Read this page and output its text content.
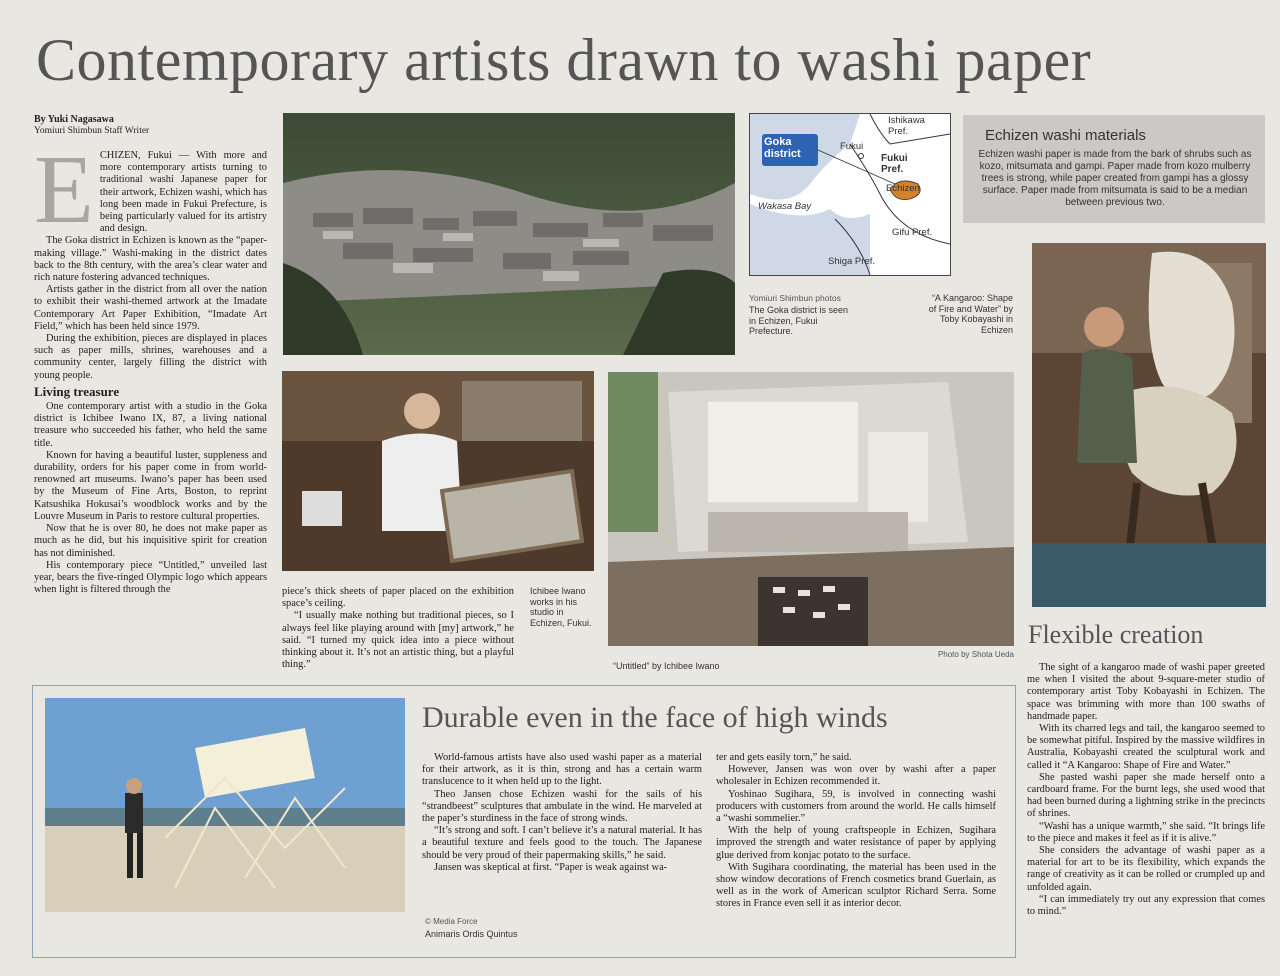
Contemporary artists drawn to washi paper
By Yuki Nagasawa
Yomiuri Shimbun Staff Writer

ECHIZEN, Fukui — With more and more contemporary artists turning to traditional washi Japanese paper for their artwork, Echizen washi, which has long been made in Fukui Prefecture, is being particularly valued for its artistry and design.

The Goka district in Echizen is known as the “paper-making village.” Washi-making in the district dates back to the 8th century, with the area’s clear water and rich nature fostering advanced techniques.

Artists gather in the district from all over the nation to exhibit their washi-themed artwork at the Imadate Contemporary Art Paper Exhibition, “Imadate Art Field,” which has been held since 1979.

During the exhibition, pieces are displayed in places such as paper mills, shrines, warehouses and a community center, largely filling the district with young people.

Living treasure

One contemporary artist with a studio in the Goka district is Ichibee Iwano IX, 87, a living national treasure who succeeded his father, who held the same title.

Known for having a beautiful luster, suppleness and durability, orders for his paper come in from world-renowned art museums. Iwano’s paper has been used by the Museum of Fine Arts, Boston, to reprint Katsushika Hokusai’s woodblock works and by the Louvre Museum in Paris to restore cultural properties.

Now that he is over 80, he does not make paper as much as he did, but his inquisitive spirit for creation has not diminished.

His contemporary piece “Untitled,” unveiled last year, bears the five-ringed Olympic logo which appears when light is filtered through the

Ishikawa Pref.
Goka district
Fukui
Fukui Pref.
Echizen
Wakasa Bay
Gifu Pref.
Shiga Pref.
Echizen washi materials

Echizen washi paper is made from the bark of shrubs such as kozo, mitsumata and gampi. Paper made from kozo mulberry trees is strong, while paper created from gampi has a glossy surface. Paper made from mitsumata is said to be a median between previous two.

Yomiuri Shimbun photos
The Goka district is seen in Echizen, Fukui Prefecture.
“A Kangaroo: Shape of Fire and Water” by Toby Kobayashi in Echizen

piece’s thick sheets of paper placed on the exhibition space’s ceiling.

“I usually make nothing but traditional pieces, so I always feel like playing around with [my] artwork,” he said. “I turned my quick idea into a piece without thinking about it. It’s not an artistic thing, but a playful thing.”

Ichibee Iwano works in his studio in Echizen, Fukui.
“Untitled” by Ichibee Iwano
Photo by Shota Ueda
Flexible creation

The sight of a kangaroo made of washi paper greeted me when I visited the about 9-square-meter studio of contemporary artist Toby Kobayashi in Echizen. The space was brimming with more than 100 swaths of handmade paper.

With its charred legs and tail, the kangaroo seemed to be somewhat pitiful. Inspired by the massive wildfires in Australia, Kobayashi created the sculptural work and called it “A Kangaroo: Shape of Fire and Water.”

She pasted washi paper she made herself onto a cardboard frame. For the burnt legs, she used wood that had been burned during a lightning strike in the precincts of shrines.

“Washi has a unique warmth,” she said. “It brings life to the piece and makes it feel as if it is alive.”

She considers the advantage of washi paper as a material for art to be its flexibility, which expands the range of creativity as it can be rolled or crumpled up and unfolded again.

“I can immediately try out any expression that comes to mind.”

© Media Force
Animaris Ordis Quintus
Durable even in the face of high winds

World-famous artists have also used washi paper as a material for their artwork, as it is thin, strong and has a certain warm translucence to it when held up to the light.

Theo Jansen chose Echizen washi for the sails of his “strandbeest” sculptures that ambulate in the wind. He marveled at the paper’s sturdiness in the face of strong winds.

“It’s strong and soft. I can’t believe it’s a natural material. It has a beautiful texture and feels good to the touch. The Japanese should be very proud of their papermaking skills,” he said.

Jansen was skeptical at first. “Paper is weak against wa-

ter and gets easily torn,” he said.

However, Jansen was won over by washi after a paper wholesaler in Echizen recommended it.

Yoshinao Sugihara, 59, is involved in connecting washi producers with customers from around the world. He calls himself a “washi sommelier.”

With the help of young craftspeople in Echizen, Sugihara improved the strength and water resistance of paper by applying glue derived from konjac potato to the surface.

With Sugihara coordinating, the material has been used in the show window decorations of French cosmetics brand Guerlain, as well as in the work of American sculptor Richard Serra. Some stores in France even sell it as interior decor.
